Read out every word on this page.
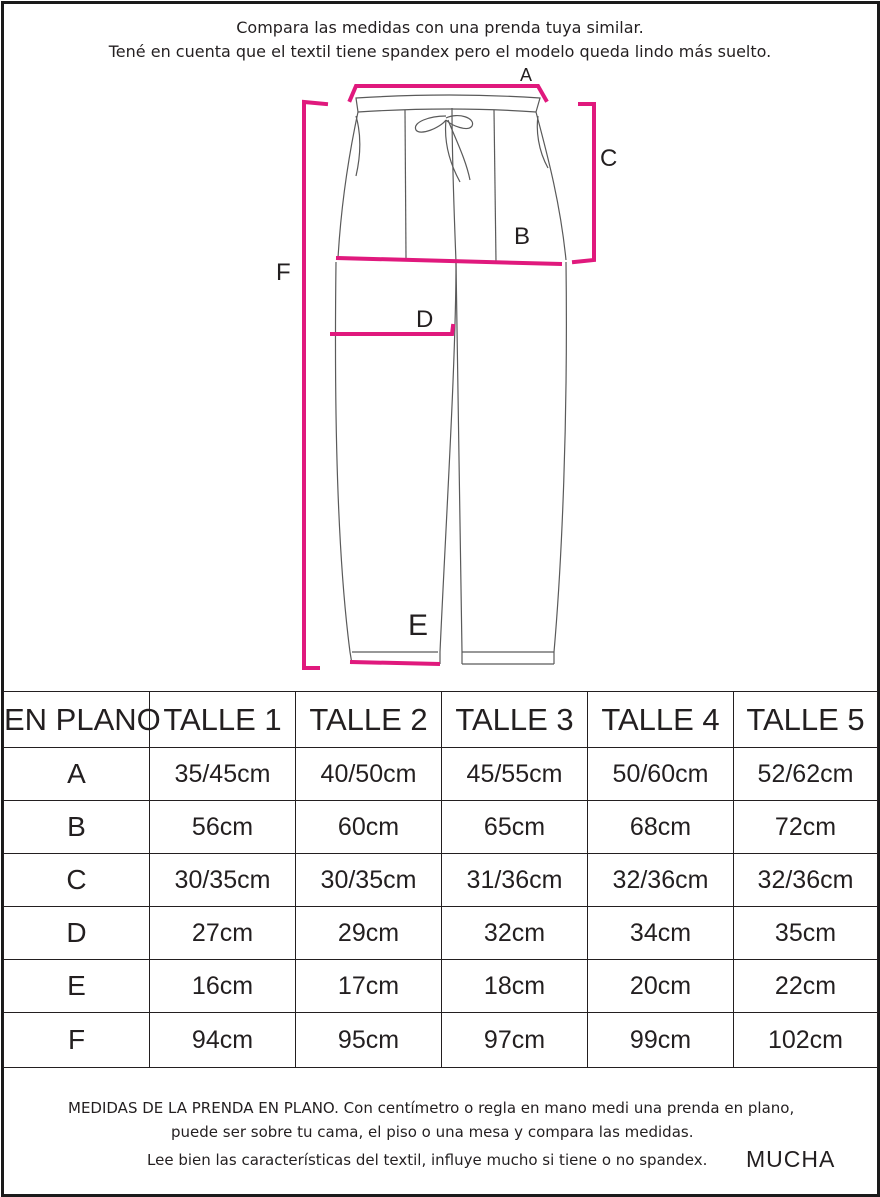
Compara las medidas con una prenda tuya similar.
Tené en cuenta que el textil tiene spandex pero el modelo queda lindo más suelto.
A
B
C
D
E
F
EN PLANO	TALLE 1	TALLE 2	TALLE 3	TALLE 4	TALLE 5
A	35/45cm	40/50cm	45/55cm	50/60cm	52/62cm
B	56cm	60cm	65cm	68cm	72cm
C	30/35cm	30/35cm	31/36cm	32/36cm	32/36cm
D	27cm	29cm	32cm	34cm	35cm
E	16cm	17cm	18cm	20cm	22cm
F	94cm	95cm	97cm	99cm	102cm
MEDIDAS DE LA PRENDA EN PLANO. Con centímetro o regla en mano medi una prenda en plano,
puede ser sobre tu cama, el piso o una mesa y compara las medidas.
Lee bien las características del textil, influye mucho si tiene o no spandex. MUCHA
